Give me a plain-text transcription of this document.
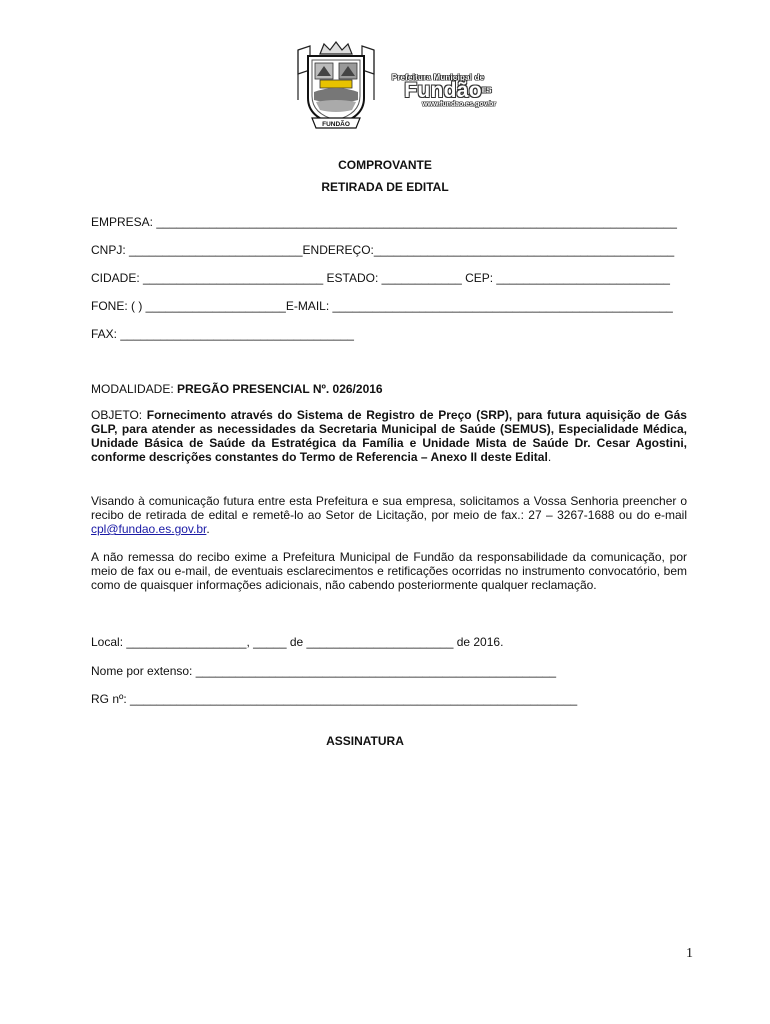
FUNDÃO
Prefeitura Municipal de
FundãoES
www.fundao.es.gov.br
COMPROVANTE
RETIRADA DE EDITAL
EMPRESA: ______________________________________________________________________________
CNPJ: __________________________ENDEREÇO:_____________________________________________
CIDADE: ___________________________ ESTADO: ____________ CEP: __________________________
FONE: ( ) _____________________E-MAIL: ___________________________________________________
FAX: ___________________________________
MODALIDADE: PREGÃO PRESENCIAL Nº. 026/2016
OBJETO: Fornecimento através do Sistema de Registro de Preço (SRP), para futura aquisição de Gás GLP, para atender as necessidades da Secretaria Municipal de Saúde (SEMUS), Especialidade Médica, Unidade Básica de Saúde da Estratégica da Família e Unidade Mista de Saúde Dr. Cesar Agostini, conforme descrições constantes do Termo de Referencia – Anexo II deste Edital.
Visando à comunicação futura entre esta Prefeitura e sua empresa, solicitamos a Vossa Senhoria preencher o recibo de retirada de edital e remetê-lo ao Setor de Licitação, por meio de fax.: 27 – 3267-1688 ou do e-mail cpl@fundao.es.gov.br.
A não remessa do recibo exime a Prefeitura Municipal de Fundão da responsabilidade da comunicação, por meio de fax ou e-mail, de eventuais esclarecimentos e retificações ocorridas no instrumento convocatório, bem como de quaisquer informações adicionais, não cabendo posteriormente qualquer reclamação.
Local: __________________, _____ de ______________________ de 2016.
Nome por extenso: ______________________________________________________
RG nº: ___________________________________________________________________
ASSINATURA
1
